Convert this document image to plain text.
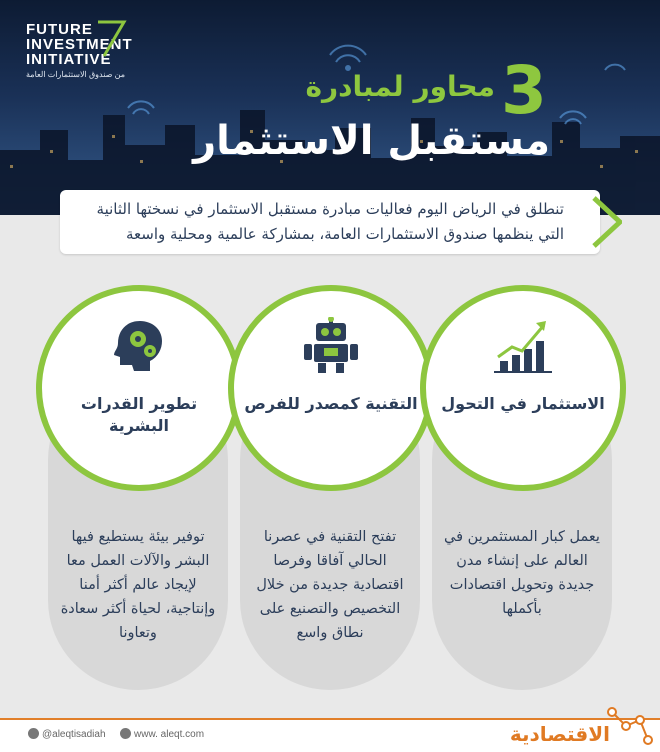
FUTURE
INVESTMENT
INITIATIVE
من صندوق الاستثمارات العامة	3
محاور لمبادرة
مستقبل الاستثمار

تنطلق في الرياض اليوم فعاليات مبادرة مستقبل الاستثمار في نسختها الثانية التي ينظمها صندوق الاستثمارات العامة، بمشاركة عالمية ومحلية واسعة

توفير بيئة يستطيع فيها البشر والآلات العمل معا لإيجاد عالم أكثر أمنا وإنتاجية، لحياة أكثر سعادة وتعاونا

تفتح التقنية في عصرنا الحالي آفاقا وفرصا اقتصادية جديدة من خلال التخصيص والتصنيع على نطاق واسع

يعمل كبار المستثمرين في العالم على إنشاء مدن جديدة وتحويل اقتصادات بأكملها

تطوير القدرات البشرية
التقنية كمصدر للفرص	الاستثمار في التحول
@aleqtisadiah	www. aleqt.com	الاقتصادية
